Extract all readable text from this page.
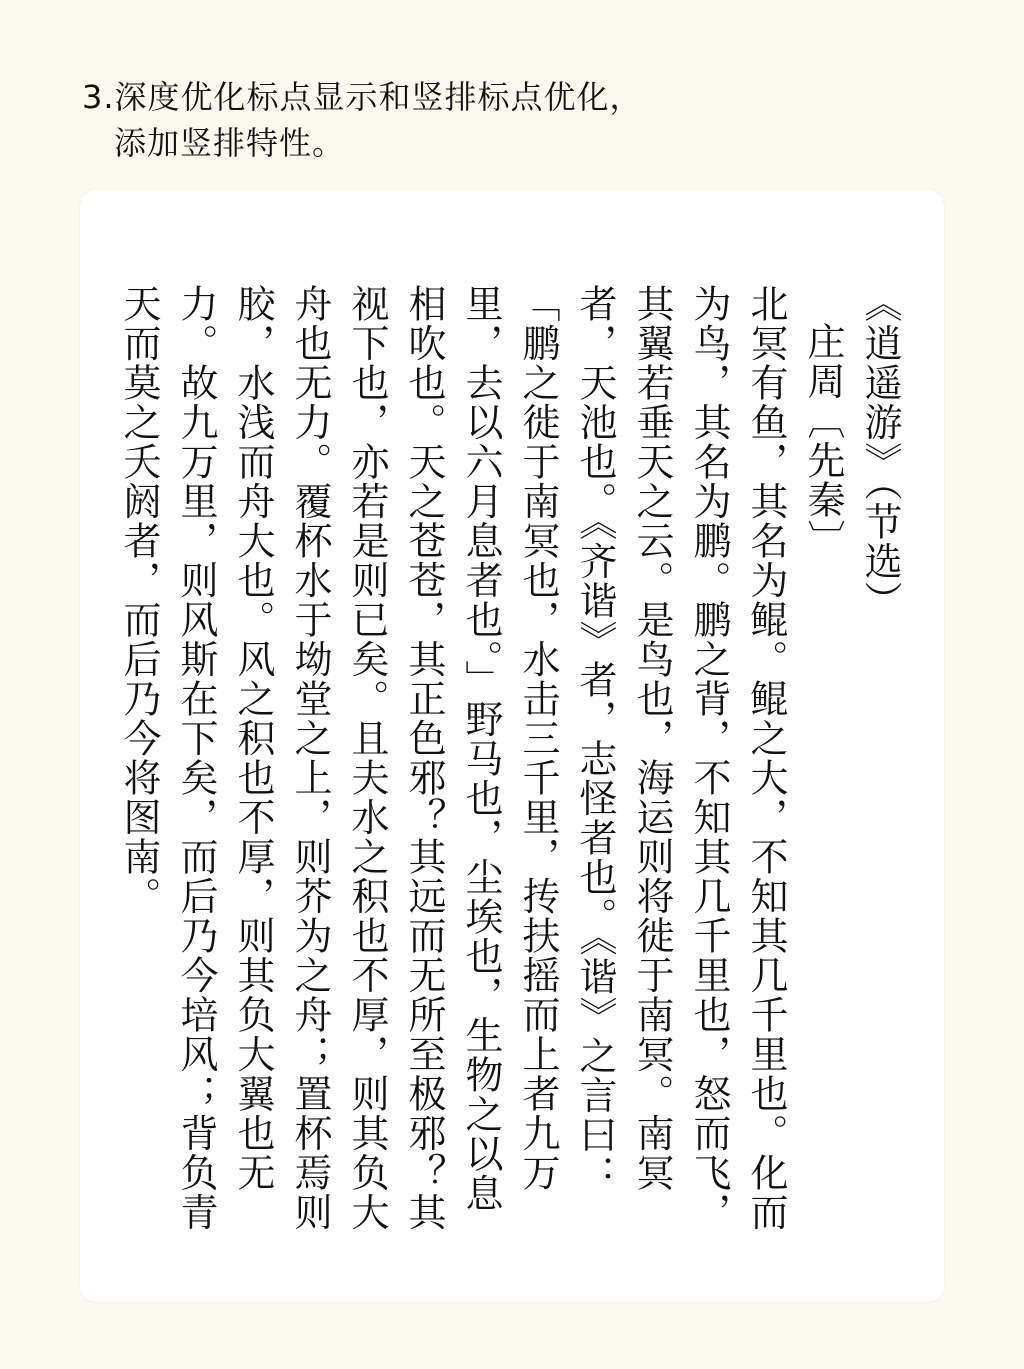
3.深度优化标点显示和竖排标点优化，
添加竖排特性。

《逍遥游》（节选）

庄周〔先秦〕

北冥有鱼，其名为鲲。鲲之大，不知其几千里也。化而为鸟，其名为鹏。鹏之背，不知其几千里也，怒而飞，其翼若垂天之云。是鸟也，海运则将徙于南冥。南冥者，天池也。《齐谐》者，志怪者也。《谐》之言曰：「鹏之徙于南冥也，水击三千里，抟扶摇而上者九万里，去以六月息者也。」野马也，尘埃也，生物之以息相吹也。天之苍苍，其正色邪？其远而无所至极邪？其视下也，亦若是则已矣。且夫水之积也不厚，则其负大舟也无力。覆杯水于坳堂之上，则芥为之舟；置杯焉则胶，水浅而舟大也。风之积也不厚，则其负大翼也无力。故九万里，则风斯在下矣，而后乃今培风；背负青天而莫之夭阏者，而后乃今将图南。
